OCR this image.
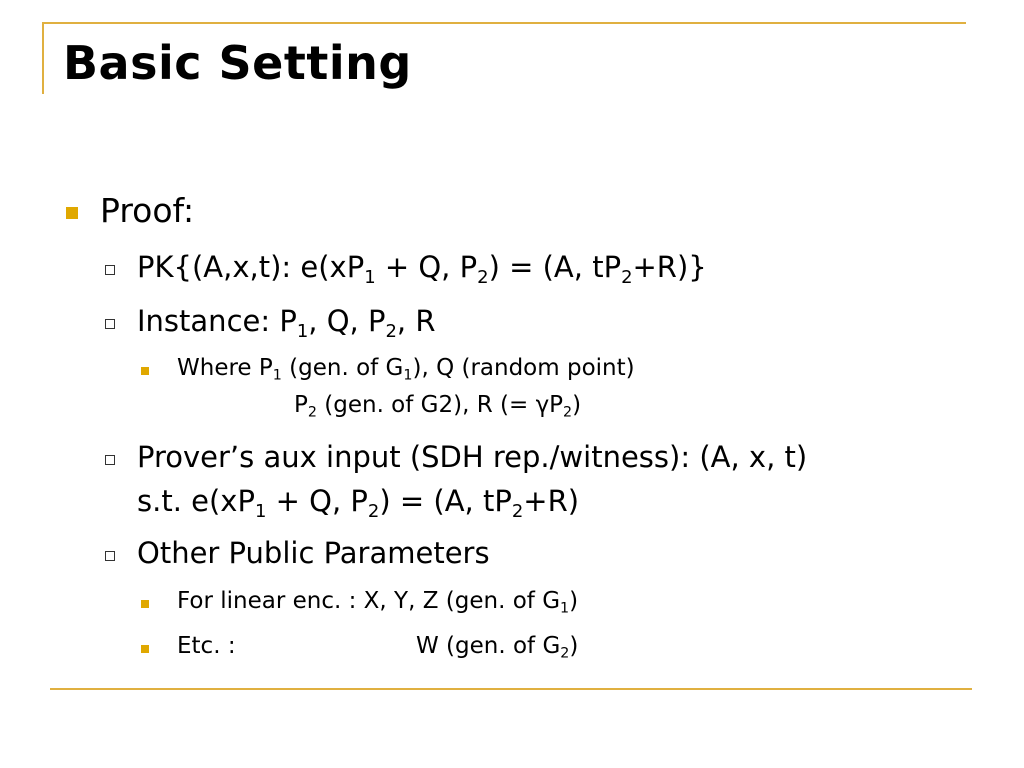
Basic Setting
Proof:
PK{(A,x,t): $e(xP_1 + Q$, $P_2) = (A$, $tP_2+R$)}
Instance: $P_1$, Q, $P_2$, R
Where $P_1$ (gen. of $G_1$), Q (random point)
$P_2$ (gen. of G2), R (= $\gamma P_2$)
Prover’s aux input (SDH rep./witness): (A, x, t)
s.t. $e(xP_1 + Q$, $P_2) = (A$, $tP_2+R$)
Other Public Parameters
For linear enc. : X, Y, Z (gen. of $G_1$)
Etc. :	W (gen. of $G_2$)
